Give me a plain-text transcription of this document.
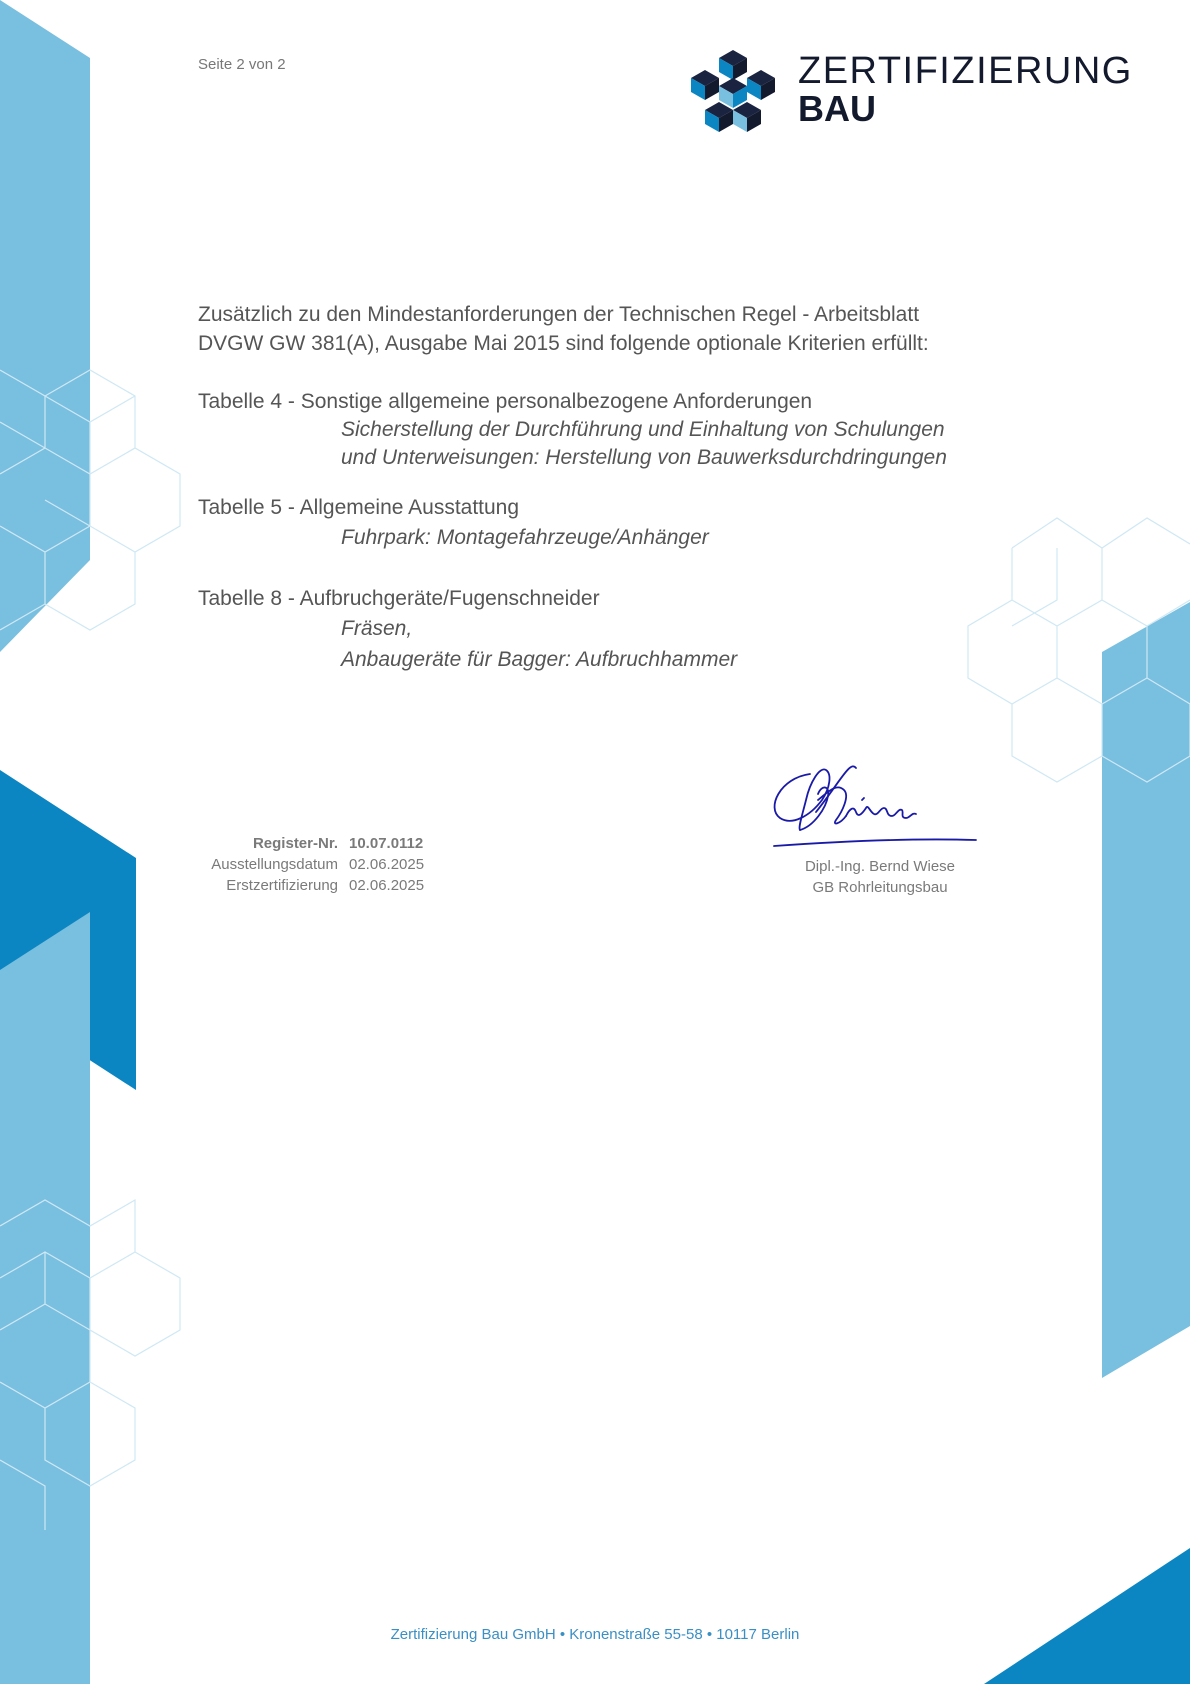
Seite 2 von 2	ZERTIFIZIERUNG
BAU

Zusätzlich zu den Mindestanforderungen der Technischen Regel - Arbeitsblatt

DVGW GW 381(A), Ausgabe Mai 2015 sind folgende optionale Kriterien erfüllt:

Tabelle 4 - Sonstige allgemeine personalbezogene Anforderungen
Sicherstellung der Durchführung und Einhaltung von Schulungen
und Unterweisungen: Herstellung von Bauwerksdurchdringungen
Tabelle 5 - Allgemeine Ausstattung
Fuhrpark: Montagefahrzeuge/Anhänger
Tabelle 8 - Aufbruchgeräte/Fugenschneider
Fräsen,
Anbaugeräte für Bagger: Aufbruchhammer
Register-Nr.	10.07.0112
Ausstellungsdatum	02.06.2025
Erstzertifizierung	02.06.2025
Dipl.-Ing. Bernd Wiese
GB Rohrleitungsbau
Zertifizierung Bau GmbH • Kronenstraße 55-58 • 10117 Berlin
